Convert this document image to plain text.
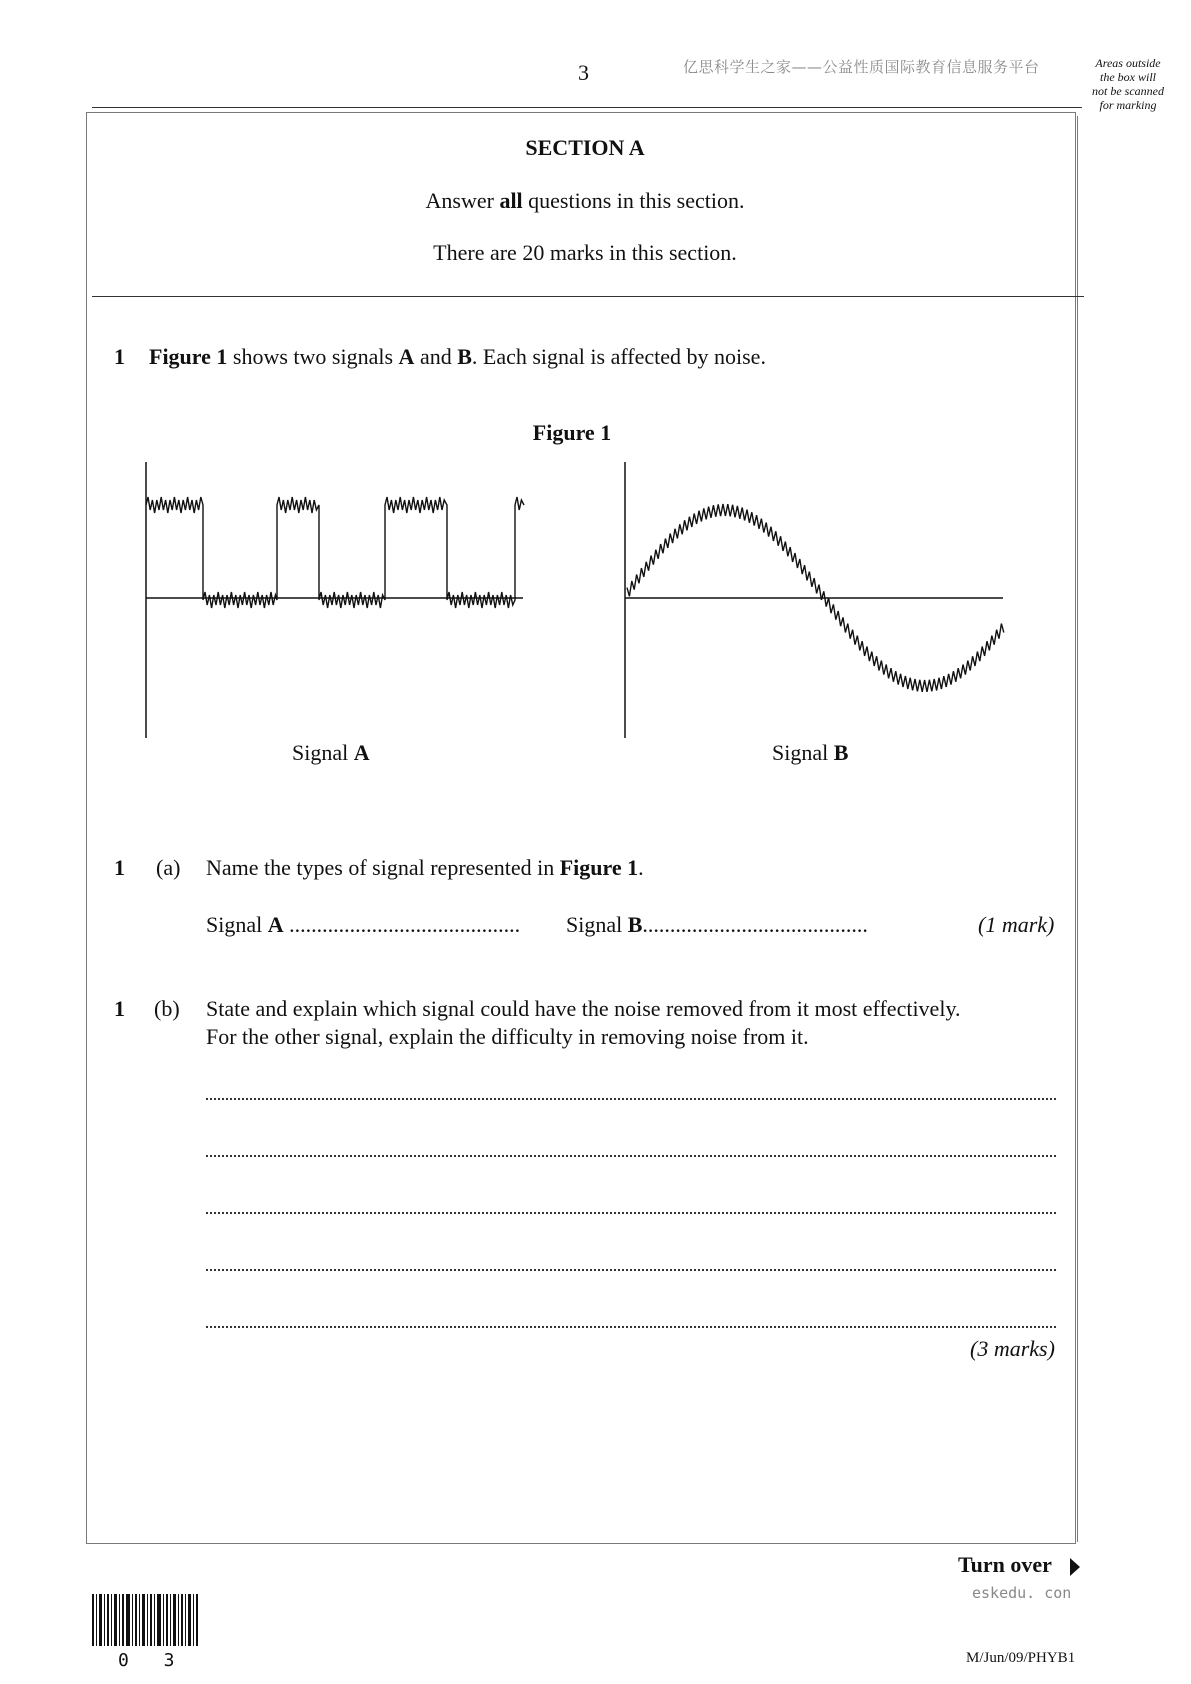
3	亿思科学生之家——公益性质国际教育信息服务平台	Areas outside
the box will
not be scanned
for marking
SECTION A
Answer all questions in this section.
There are 20 marks in this section.
1 Figure 1 shows two signals A and B. Each signal is affected by noise.
Figure 1
Signal A	Signal B
1 (a) Name the types of signal represented in Figure 1.
Signal A .......................................... Signal B.........................................	(1 mark)
1 (b) State and explain which signal could have the noise removed from it most effectively.
For the other signal, explain the difficulty in removing noise from it.
(3 marks)
Turn over
eskedu. con
0 3	M/Jun/09/PHYB1
